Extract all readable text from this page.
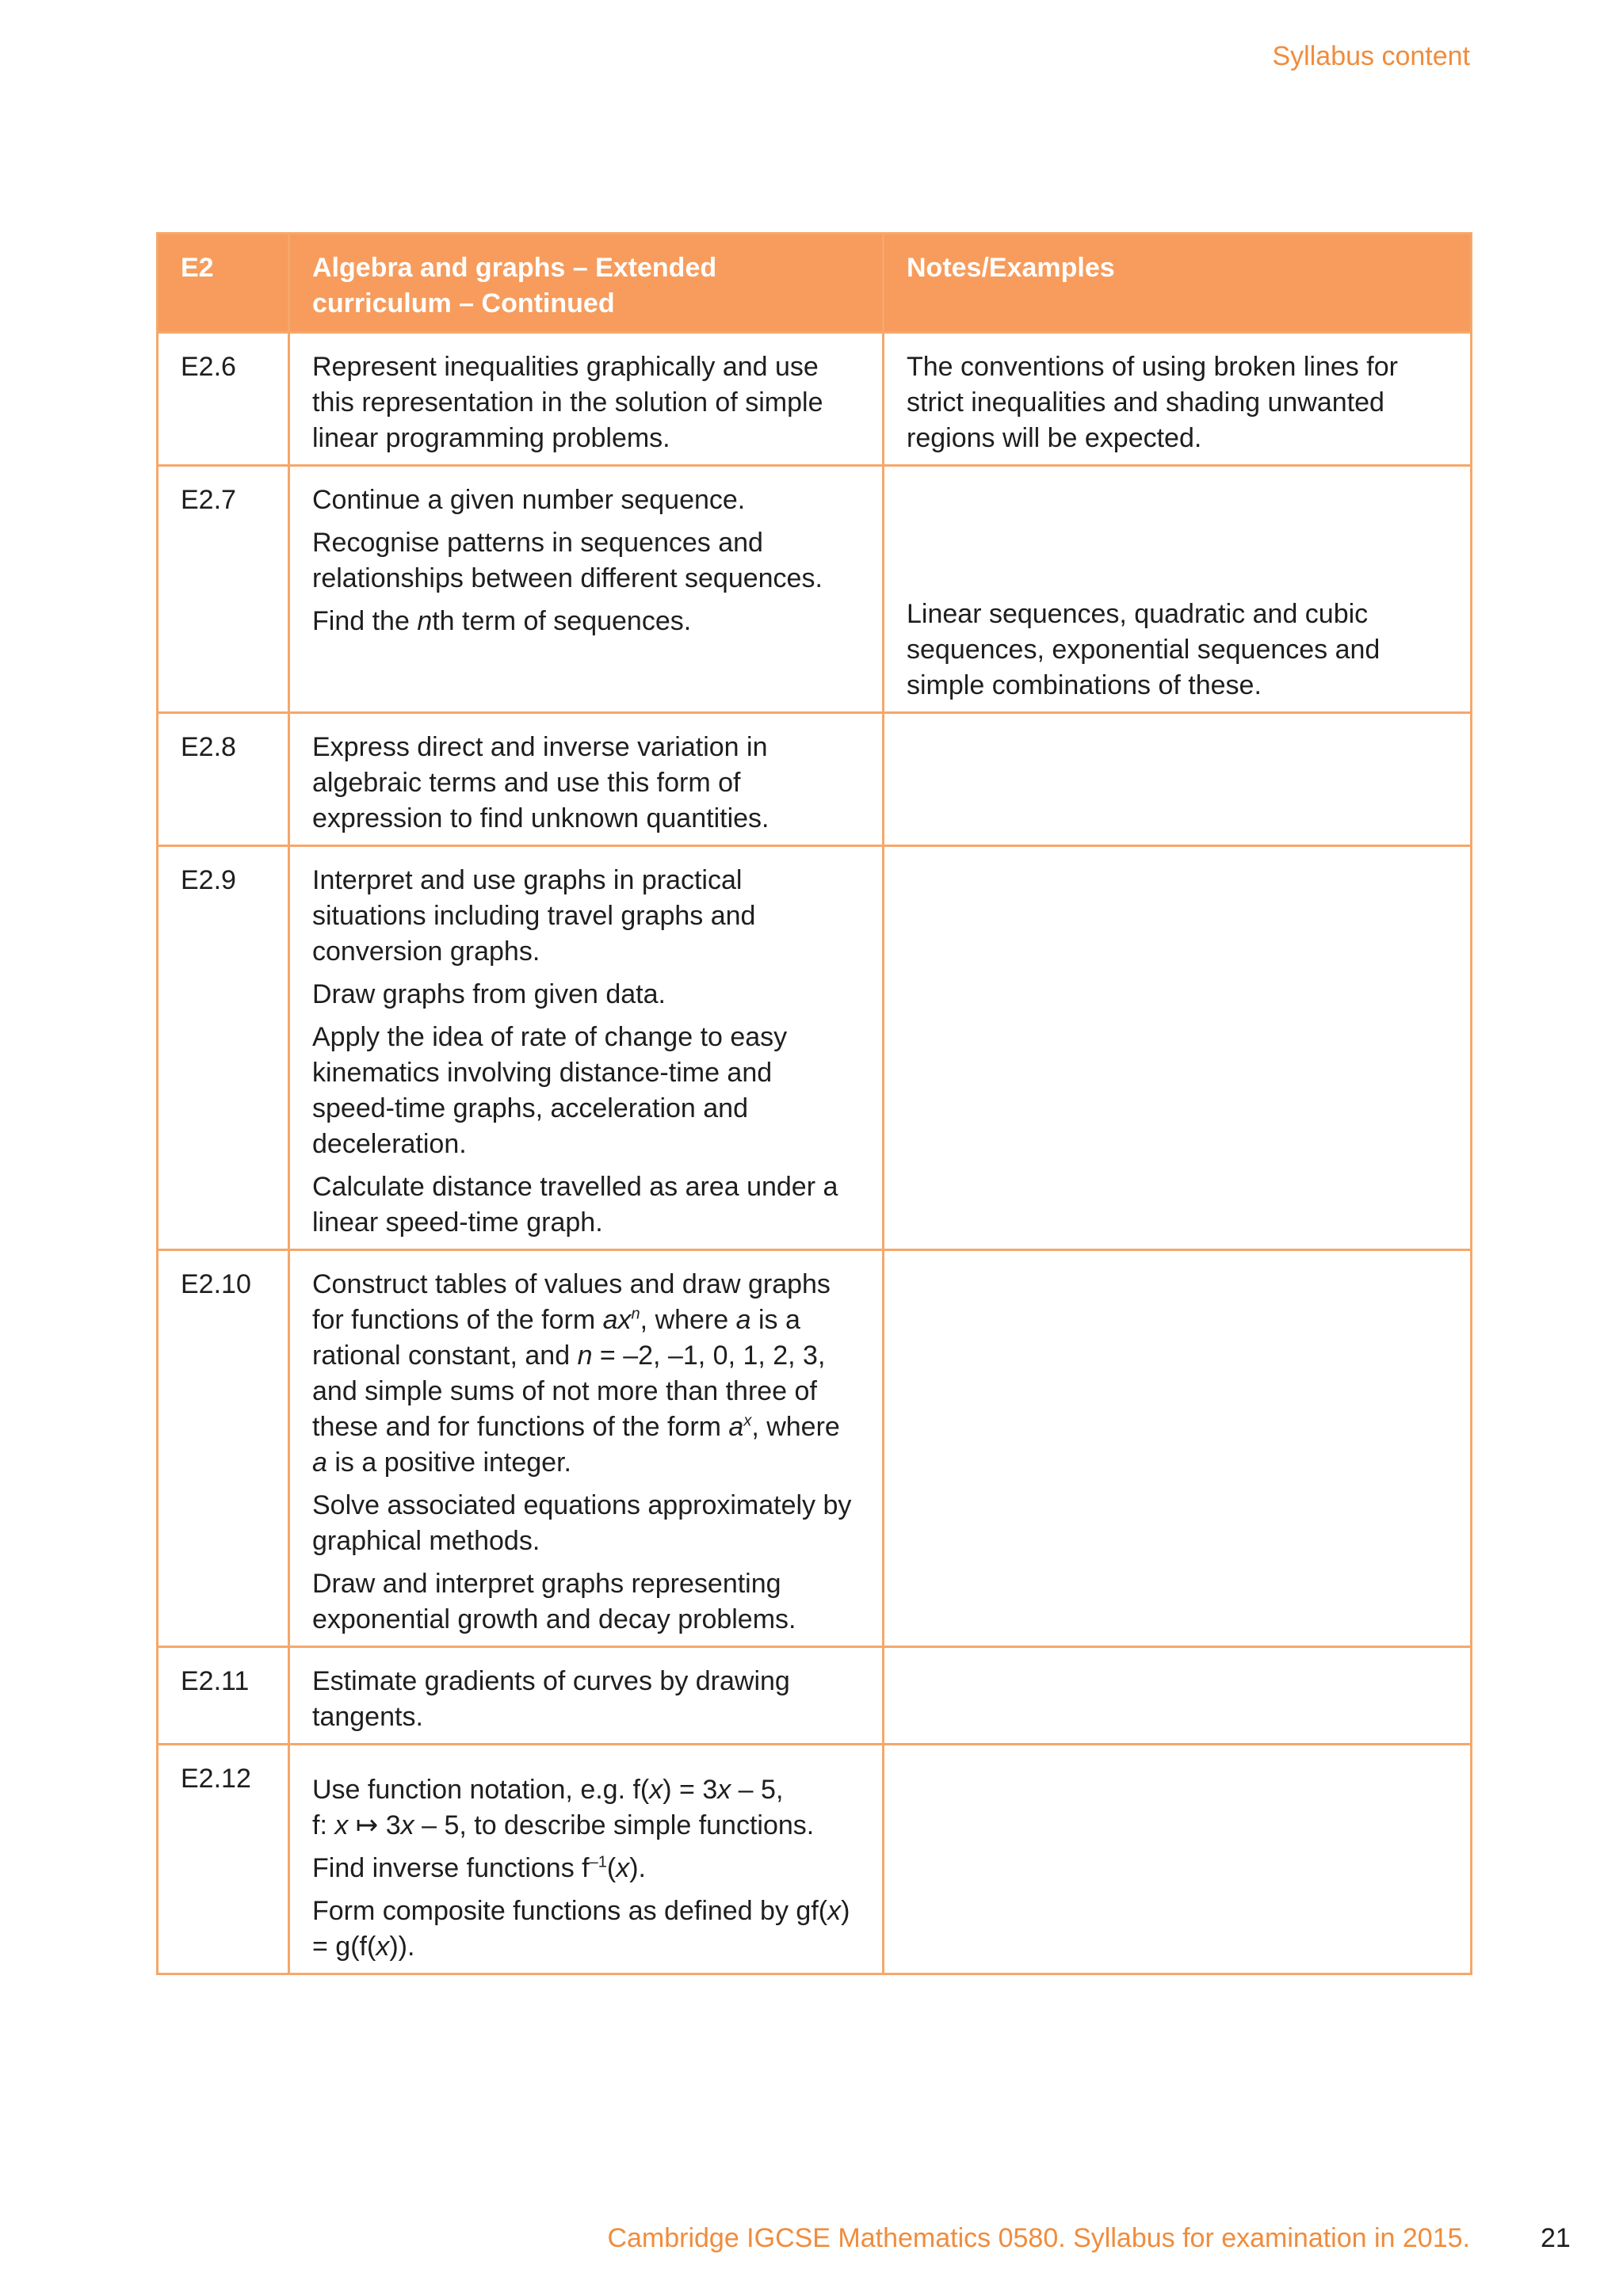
Syllabus content
E2	Algebra and graphs – Extended curriculum – Continued	Notes/Examples
E2.6	Represent inequalities graphically and use this representation in the solution of simple linear programming problems.	The conventions of using broken lines for strict inequalities and shading unwanted regions will be expected.

E2.7	Continue a given number sequence.

Recognise patterns in sequences and relationships between different sequences.

Find the nth term of sequences.	Linear sequences, quadratic and cubic sequences, exponential sequences and simple combinations of these.

E2.8	Express direct and inverse variation in algebraic terms and use this form of expression to find unknown quantities.	

E2.9	Interpret and use graphs in practical situations including travel graphs and conversion graphs.

Draw graphs from given data.

Apply the idea of rate of change to easy kinematics involving distance-time and speed-time graphs, acceleration and deceleration.

Calculate distance travelled as area under a linear speed-time graph.	

E2.10	Construct tables of values and draw graphs for functions of the form $ax^n$, where a is a rational constant, and n = –2, –1, 0, 1, 2, 3, and simple sums of not more than three of these and for functions of the form $a^x$, where a is a positive integer.

Solve associated equations approximately by graphical methods.

Draw and interpret graphs representing exponential growth and decay problems.	

E2.11	Estimate gradients of curves by drawing tangents.	

E2.12	Use function notation, e.g. f(x) = 3x – 5,

f: x ↦ 3x – 5, to describe simple functions.

Find inverse functions $f^{-1}(x)$.

Form composite functions as defined by gf(x) = g(f(x)).	

Cambridge IGCSE Mathematics 0580. Syllabus for examination in 2015.	21
